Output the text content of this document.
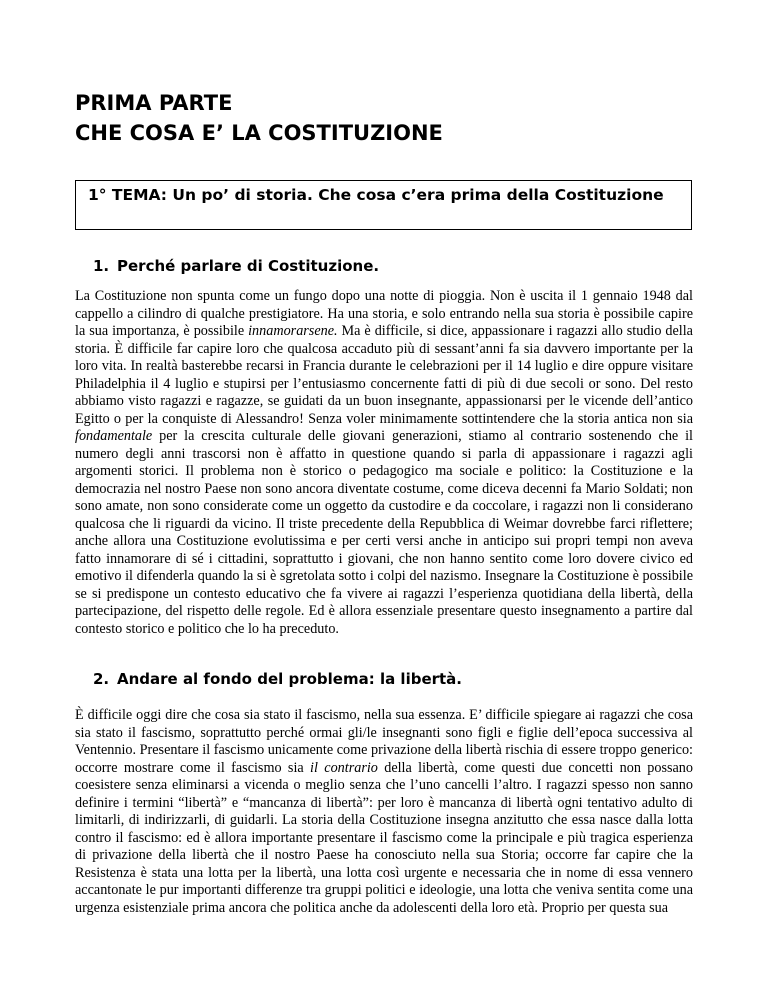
PRIMA PARTE
CHE COSA E’ LA COSTITUZIONE
1° TEMA: Un po’ di storia. Che cosa c’era prima della Costituzione
1. Perché parlare di Costituzione.

La Costituzione non spunta come un fungo dopo una notte di pioggia. Non è uscita il 1 gennaio 1948 dal cappello a cilindro di qualche prestigiatore. Ha una storia, e solo entrando nella sua storia è possibile capire la sua importanza, è possibile innamorarsene. Ma è difficile, si dice, appassionare i ragazzi allo studio della storia. È difficile far capire loro che qualcosa accaduto più di sessant’anni fa sia davvero importante per la loro vita. In realtà basterebbe recarsi in Francia durante le celebrazioni per il 14 luglio e dire oppure visitare Philadelphia il 4 luglio e stupirsi per l’entusiasmo concernente fatti di più di due secoli or sono. Del resto abbiamo visto ragazzi e ragazze, se guidati da un buon insegnante, appassionarsi per le vicende dell’antico Egitto o per la conquiste di Alessandro! Senza voler minimamente sottintendere che la storia antica non sia fondamentale per la crescita culturale delle giovani generazioni, stiamo al contrario sostenendo che il numero degli anni trascorsi non è affatto in questione quando si parla di appassionare i ragazzi agli argomenti storici. Il problema non è storico o pedagogico ma sociale e politico: la Costituzione e la democrazia nel nostro Paese non sono ancora diventate costume, come diceva decenni fa Mario Soldati; non sono amate, non sono considerate come un oggetto da custodire e da coccolare, i ragazzi non li considerano qualcosa che li riguardi da vicino. Il triste precedente della Repubblica di Weimar dovrebbe farci riflettere; anche allora una Costituzione evolutissima e per certi versi anche in anticipo sui propri tempi non aveva fatto innamorare di sé i cittadini, soprattutto i giovani, che non hanno sentito come loro dovere civico ed emotivo il difenderla quando la si è sgretolata sotto i colpi del nazismo. Insegnare la Costituzione è possibile se si predispone un contesto educativo che fa vivere ai ragazzi l’esperienza quotidiana della libertà, della partecipazione, del rispetto delle regole. Ed è allora essenziale presentare questo insegnamento a partire dal contesto storico e politico che lo ha preceduto.

2. Andare al fondo del problema: la libertà.

È difficile oggi dire che cosa sia stato il fascismo, nella sua essenza. E’ difficile spiegare ai ragazzi che cosa sia stato il fascismo, soprattutto perché ormai gli/le insegnanti sono figli e figlie dell’epoca successiva al Ventennio. Presentare il fascismo unicamente come privazione della libertà rischia di essere troppo generico: occorre mostrare come il fascismo sia il contrario della libertà, come questi due concetti non possano coesistere senza eliminarsi a vicenda o meglio senza che l’uno cancelli l’altro. I ragazzi spesso non sanno definire i termini “libertà” e “mancanza di libertà”: per loro è mancanza di libertà ogni tentativo adulto di limitarli, di indirizzarli, di guidarli. La storia della Costituzione insegna anzitutto che essa nasce dalla lotta contro il fascismo: ed è allora importante presentare il fascismo come la principale e più tragica esperienza di privazione della libertà che il nostro Paese ha conosciuto nella sua Storia; occorre far capire che la Resistenza è stata una lotta per la libertà, una lotta così urgente e necessaria che in nome di essa vennero accantonate le pur importanti differenze tra gruppi politici e ideologie, una lotta che veniva sentita come una urgenza esistenziale prima ancora che politica anche da adolescenti della loro età. Proprio per questa sua
